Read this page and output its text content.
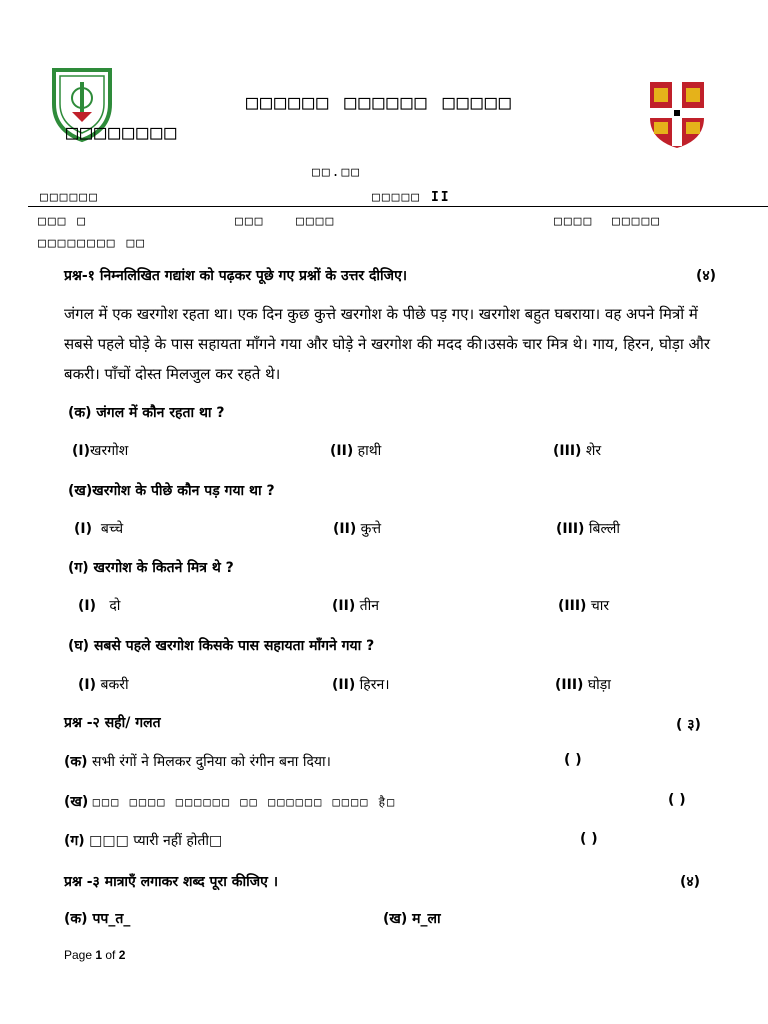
□□□□□□ □□□□□□ □□□□□
□□□□□□□□
□□.□□
□□□□□□	□□□□□ II
□□□ □	□□□ □□□□	□□□□ □□□□□
□□□□□□□□ □□
प्रश्न-१ निम्नलिखित गद्यांश को पढ़कर पूछे गए प्रश्नों के उत्तर दीजिए।	(४)
जंगल में एक खरगोश रहता था। एक दिन कुछ कुत्ते खरगोश के पीछे पड़ गए। खरगोश बहुत घबराया। वह अपने मित्रों में सबसे पहले घोड़े के पास सहायता माँगने गया और घोड़े ने खरगोश की मदद की।उसके चार मित्र थे। गाय, हिरन, घोड़ा और बकरी। पाँचों दोस्त मिलजुल कर रहते थे।
(क) जंगल में कौन रहता था ?
(I)खरगोश	(II) हाथी	(III) शेर
(ख)खरगोश के पीछे कौन पड़ गया था ?
(I) बच्चे	(II) कुत्ते	(III) बिल्ली
(ग) खरगोश के कितने मित्र थे ?
(I) दो	(II) तीन	(III) चार
(घ) सबसे पहले खरगोश किसके पास सहायता माँगने गया ?
(I) बकरी	(II) हिरन।	(III) घोड़ा
प्रश्न -२ सही/ गलत	( ३)
(क) सभी रंगों ने मिलकर दुनिया को रंगीन बना दिया।	( )
(ख) □□□ □□□□ □□□□□□ □□ □□□□□□ □□□□ है□	( )
(ग) □□□ प्यारी नहीं होती□	( )
प्रश्न -३ मात्राएँ लगाकर शब्द पूरा कीजिए ।	(४)
(क) पप_त_	(ख) म_ला
Page 1 of 2
